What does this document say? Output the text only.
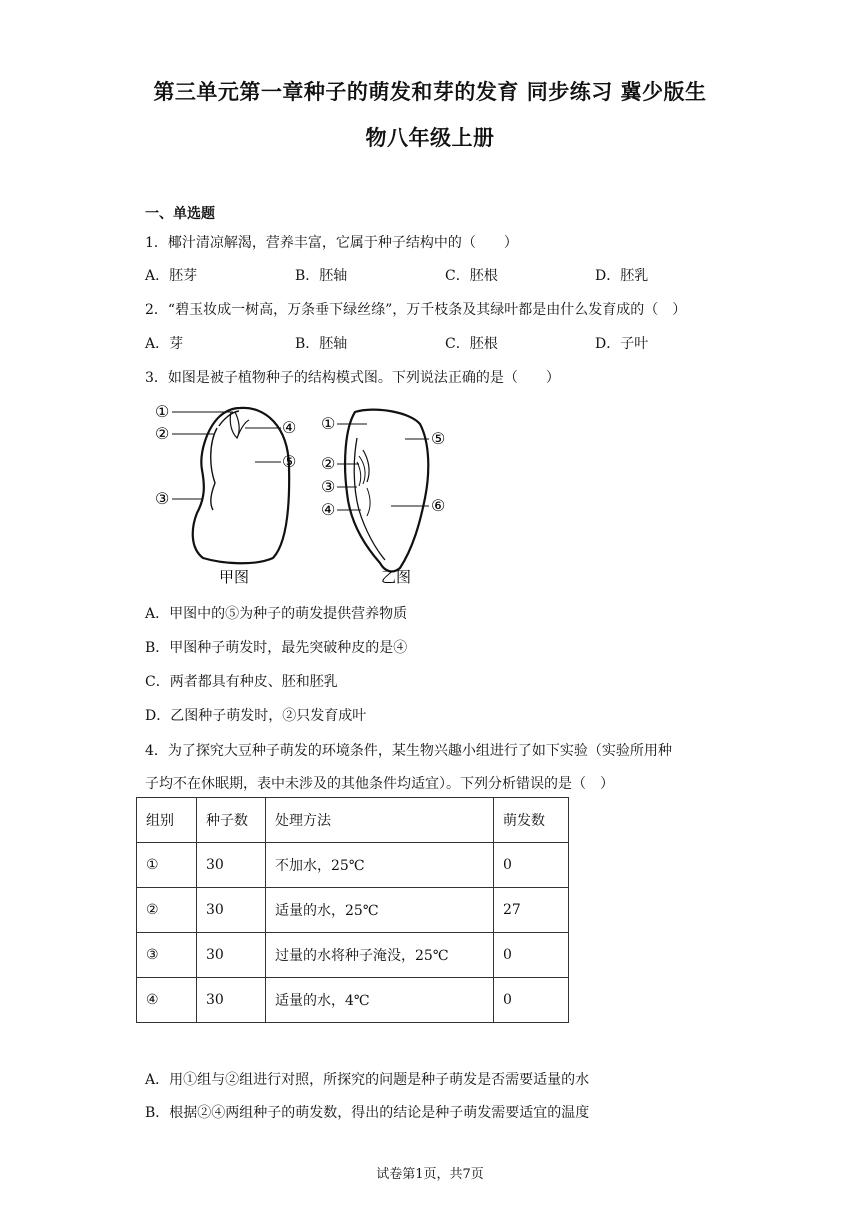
第三单元第一章种子的萌发和芽的发育 同步练习 冀少版生
物八年级上册
一、单选题
1．椰汁清凉解渴，营养丰富，它属于种子结构中的（　　）
A．胚芽	B．胚轴	C．胚根	D．胚乳
2．“碧玉妆成一树高，万条垂下绿丝绦”，万千枝条及其绿叶都是由什么发育成的（　）
A．芽	B．胚轴	C．胚根	D．子叶
3．如图是被子植物种子的结构模式图。下列说法正确的是（　　）
①
②
③
④
⑤
甲图
①
②
③
④
⑤
⑥
乙图
A．甲图中的⑤为种子的萌发提供营养物质
B．甲图种子萌发时，最先突破种皮的是④
C．两者都具有种皮、胚和胚乳
D．乙图种子萌发时，②只发育成叶
4．为了探究大豆种子萌发的环境条件，某生物兴趣小组进行了如下实验（实验所用种
子均不在休眠期，表中未涉及的其他条件均适宜）。下列分析错误的是（　）
组别	种子数	处理方法	萌发数
①	30	不加水，25℃	0
②	30	适量的水，25℃	27
③	30	过量的水将种子淹没，25℃	0
④	30	适量的水，4℃	0
A．用①组与②组进行对照，所探究的问题是种子萌发是否需要适量的水
B．根据②④两组种子的萌发数，得出的结论是种子萌发需要适宜的温度
试卷第1页，共7页
